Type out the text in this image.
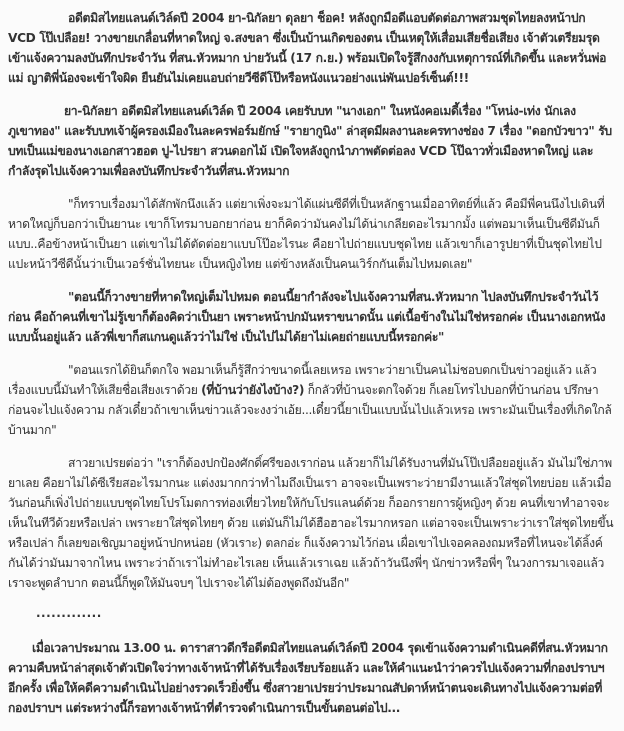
อดีตมิสไทยแลนด์เวิล์ดปี 2004 ยา-นิกัลยา ดุลยา ช็อค! หลังถูกมือดีแอบตัดต่อภาพสวมชุดไทยลงหน้าปก VCD โป๊เปลือย! วางขายเกลื่อนที่หาดใหญ่ จ.สงขลา ซึ่งเป็นบ้านเกิดของตน เป็นเหตุให้เสื่อมเสียชื่อเสียง เจ้าตัวเตรียมรุดเข้าแจ้งความลงบันทึกประจำวัน ที่สน.หัวหมาก บ่ายวันนี้ (17 ก.ย.) พร้อมเปิดใจรู้สึกงงกับเหตุการณ์ที่เกิดขึ้น และหวั่นพ่อแม่ ญาติพี่น้องจะเข้าใจผิด ยืนยันไม่เคยแอบถ่ายวีซีดีโป๊หรือหนังแนวอย่างแน่พันเปอร์เซ็นต์!!!

ยา-นิกัลยา อดีตมิสไทยแลนด์เวิล์ด ปี 2004 เคยรับบท "นางเอก" ในหนังคอเมดี้เรื่อง "โหน่ง-เท่ง นักเลงภูเขาทอง" และรับบทเจ้าผู้ครองเมืองในละครฟอร์มยักษ์ "รายากูนิง" ล่าสุดมีผลงานละครทางช่อง 7 เรื่อง "ดอกบัวขาว" รับบทเป็นแม่ของนางเอกสาวฮอต ปู-ไปรยา สวนดอกไม้ เปิดใจหลังถูกนำภาพตัดต่อลง VCD โป๊ฉาวทั่วเมืองหาดใหญ่ และกำลังรุดไปแจ้งความเพื่อลงบันทึกประจำวันที่สน.หัวหมาก

"ก็ทราบเรื่องมาได้สักพักนึงแล้ว แต่ยาเพิ่งจะมาได้แผ่นซีดีที่เป็นหลักฐานเมื่ออาทิตย์ที่แล้ว คือมีพี่คนนึงไปเดินที่หาดใหญ่ก็บอกว่าเป็นยานะ เขาก็โทรมาบอกยาก่อน ยาก็คิดว่ามันคงไม่ได้น่าเกลียดอะไรมากมั้ง แต่พอมาเห็นเป็นซีดีมันก็แบบ..คือข้างหน้าเป็นยา แต่เขาไม่ได้ตัดต่อยาแบบโป๊อะไรนะ คือยาไปถ่ายแบบชุดไทย แล้วเขาก็เอารูปยาที่เป็นชุดไทยไปแปะหน้าวีซีดีนั้นว่าเป็นเวอร์ชั่นไทยนะ เป็นหญิงไทย แต่ข้างหลังเป็นคนเวิร์กกันเต็มไปหมดเลย"

"ตอนนี้ก็วางขายที่หาดใหญ่เต็มไปหมด ตอนนี้ยากำลังจะไปแจ้งความที่สน.หัวหมาก ไปลงบันทึกประจำวันไว้ก่อน คือถ้าคนที่เขาไม่รู้เขาก็ต้องคิดว่าเป็นยา เพราะหน้าปกมันหราขนาดนั้น แต่เนื้อข้างในไม่ใช่หรอกค่ะ เป็นนางเอกหนังแบบนั้นอยู่แล้ว แล้วพี่เขาก็สแกนดูแล้วว่าไม่ใช่ เป็นไปไม่ได้ยาไม่เคยถ่ายแบบนี้หรอกค่ะ"

"ตอนแรกได้ยินก็ตกใจ พอมาเห็นก็รู้สึกว่าขนาดนี้เลยเหรอ เพราะว่ายาเป็นคนไม่ชอบตกเป็นข่าวอยู่แล้ว แล้วเรื่องแบบนี้มันทำให้เสียชื่อเสียงเราด้วย (ที่บ้านว่ายังไงบ้าง?) ก็กลัวที่บ้านจะตกใจด้วย ก็เลยโทรไปบอกที่บ้านก่อน ปรึกษาก่อนจะไปแจ้งความ กลัวเดี๋ยวถ้าเขาเห็นข่าวแล้วจะงงว่าเอ้ย...เดี๋ยวนี้ยาเป็นแบบนั้นไปแล้วเหรอ เพราะมันเป็นเรื่องที่เกิดใกล้บ้านมาก"

สาวยาเปรยต่อว่า "เราก็ต้องปกป้องศักดิ์ศรีของเราก่อน แล้วยาก็ไม่ได้รับงานที่มันโป๊เปลือยอยู่แล้ว มันไม่ใช่ภาพยาเลย คือยาไม่ได้ซีเรียสอะไรมากนะ แต่งงมากกว่าทำไมถึงเป็นเรา อาจจะเป็นเพราะว่ายามีงานแล้วใส่ชุดไทยบ่อย แล้วเมื่อวันก่อนก็เพิ่งไปถ่ายแบบชุดไทยโปรโมตการท่องเที่ยวไทยให้กับโปรแลนด์ด้วย ก็ออกรายการผู้หญิงๆ ด้วย คนที่เขาทำอาจจะเห็นในทีวีด้วยหรือเปล่า เพราะยาใส่ชุดไทยๆ ด้วย แต่มันก็ไม่ได้ฮือฮาอะไรมากหรอก แต่อาจจะเป็นเพราะว่าเราใส่ชุดไทยขึ้นหรือเปล่า ก็เลยขอเชิญมาอยู่หน้าปกหน่อย (หัวเราะ) ตลกอ่ะ ก็แจ้งความไว้ก่อน เผื่อเขาไปเจอคลองถมหรือที่ไหนจะได้ลิ้งค์กันได้ว่ามันมาจากไหน เพราะว่าถ้าเราไม่ทำอะไรเลย เห็นแล้วเราเฉย แล้วถ้าวันนึงพี่ๆ นักข่าวหรือพี่ๆ ในวงการมาเจอแล้วเราจะพูดลำบาก ตอนนี้ก็พูดให้มันจบๆ ไปเราจะได้ไม่ต้องพูดถึงมันอีก"

.............

เมื่อเวลาประมาณ 13.00 น. ดาราสาวดีกรีอดีตมิสไทยแลนด์เวิล์ดปี 2004 รุดเข้าแจ้งความดำเนินคดีที่สน.หัวหมาก ความคืบหน้าล่าสุดเจ้าตัวเปิดใจว่าทางเจ้าหน้าที่ได้รับเรื่องเรียบร้อยแล้ว และให้คำแนะนำว่าควรไปแจ้งความที่กองปราบฯ อีกครั้ง เพื่อให้คดีความดำเนินไปอย่างรวดเร็วยิ่งขึ้น ซึ่งสาวยาเปรยว่าประมาณสัปดาห์หน้าตนจะเดินทางไปแจ้งความต่อที่กองปราบฯ แต่ระหว่างนี้ก็รอทางเจ้าหน้าที่ตำรวจดำเนินการเป็นขั้นตอนต่อไป...
